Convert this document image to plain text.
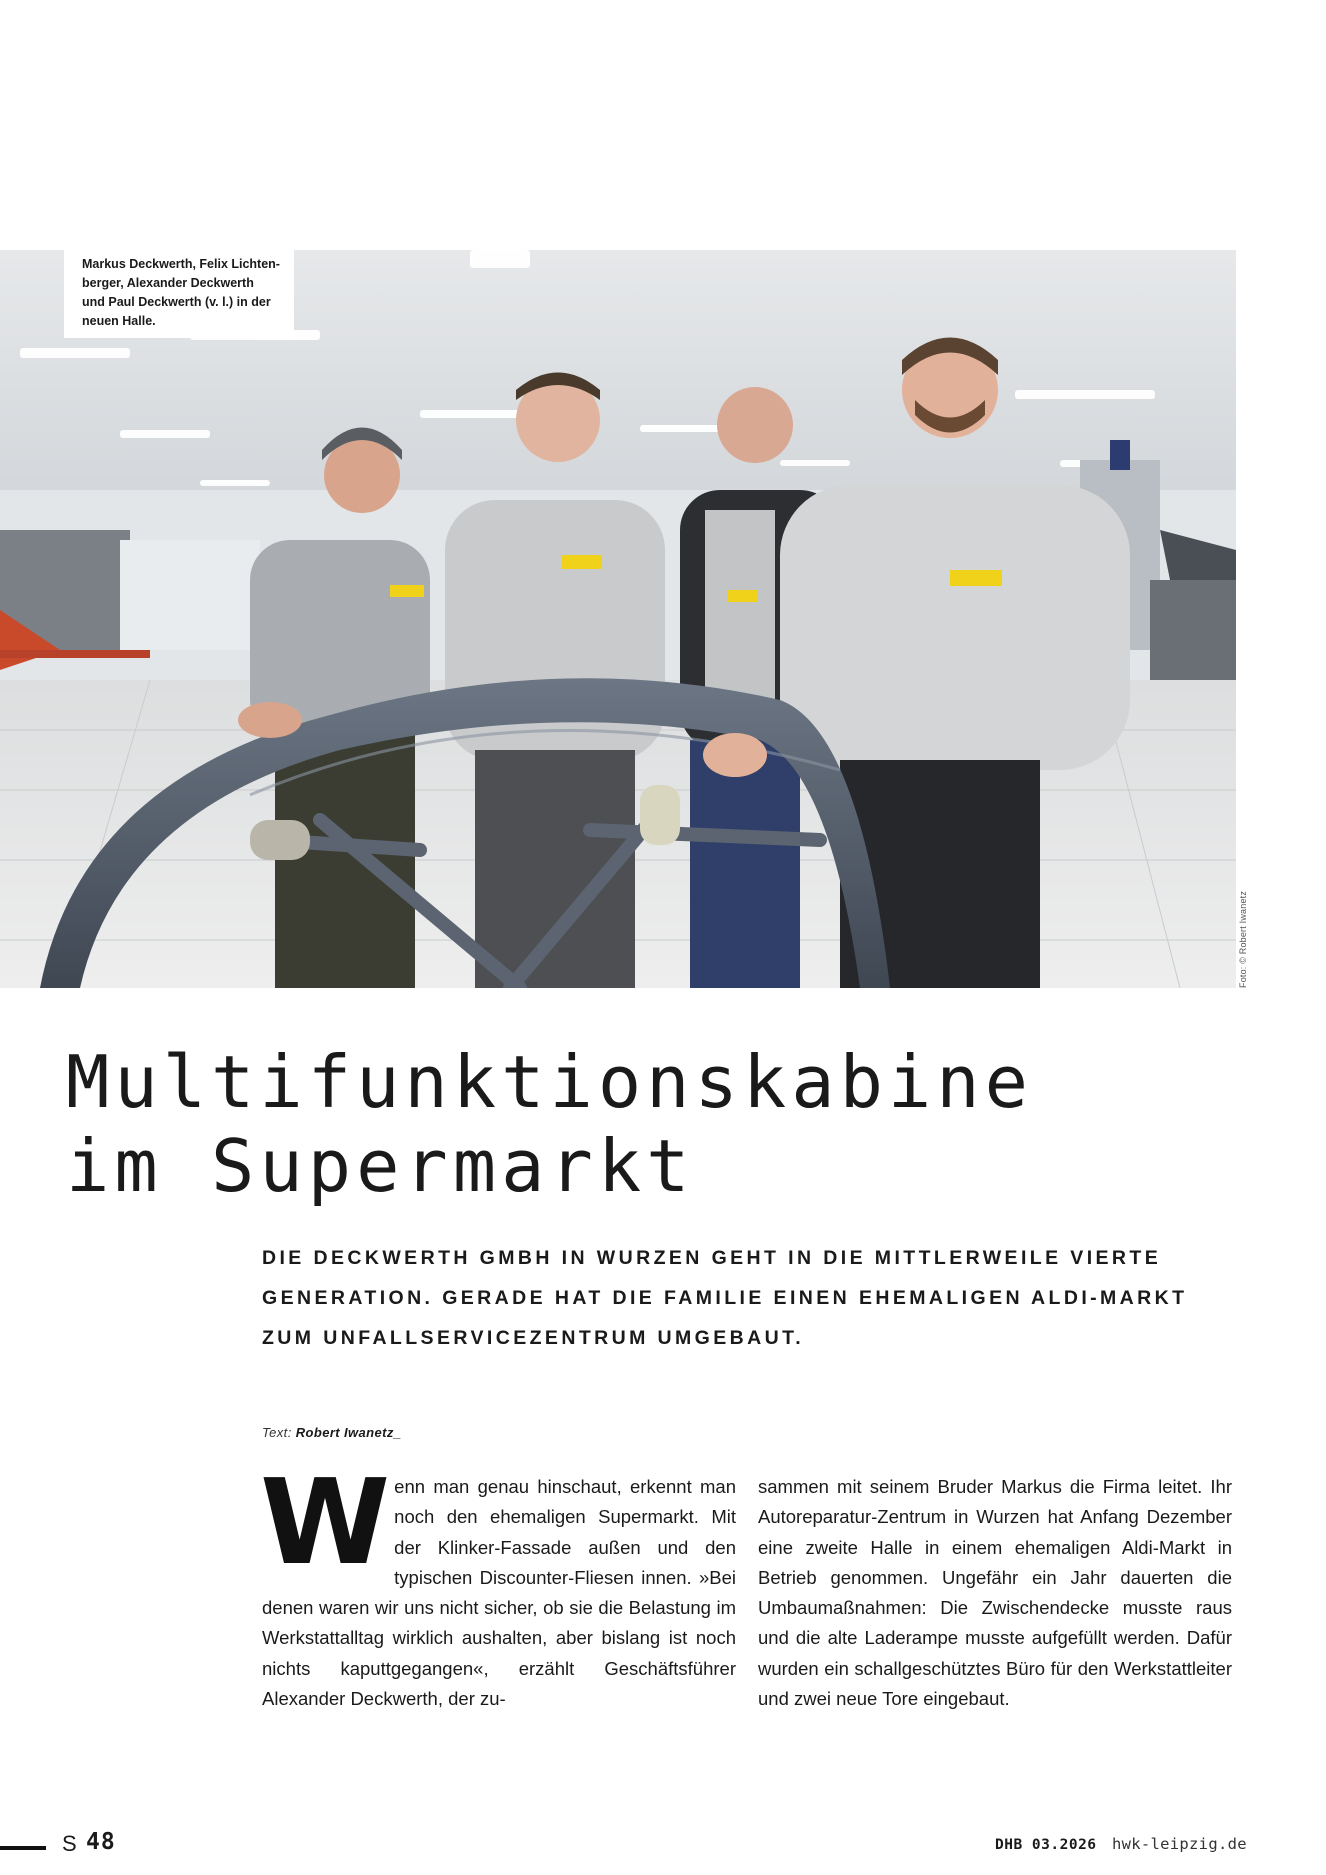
Markus Deckwerth, Felix Lichten-
berger, Alexander Deckwerth
und Paul Deckwerth (v. l.) in der
neuen Halle.
Foto: © Robert Iwanetz
Multifunktionskabine
im Supermarkt
DIE DECKWERTH GMBH IN WURZEN GEHT IN DIE MITTLERWEILE VIERTE
GENERATION. GERADE HAT DIE FAMILIE EINEN EHEMALIGEN ALDI-MARKT
ZUM UNFALLSERVICEZENTRUM UMGEBAUT.
Text: Robert Iwanetz_
W enn man genau hinschaut, erkennt man noch den ehemaligen Supermarkt. Mit der Klinker-Fassade außen und den typischen Discounter-Fliesen innen. »Bei denen waren wir uns nicht sicher, ob sie die Belastung im Werkstattalltag wirklich aushalten, aber bislang ist noch nichts kaputtgegangen«, erzählt Geschäftsführer Alexander Deckwerth, der zu-
sammen mit seinem Bruder Markus die Firma leitet. Ihr Autoreparatur-Zentrum in Wurzen hat Anfang Dezember eine zweite Halle in einem ehemaligen Aldi-Markt in Betrieb genommen. Ungefähr ein Jahr dauerten die Umbaumaßnahmen: Die Zwischendecke musste raus und die alte Laderampe musste aufgefüllt werden. Dafür wurden ein schallgeschütztes Büro für den Werkstattleiter und zwei neue Tore eingebaut.
S 48	DHB 03.2026 hwk-leipzig.de
